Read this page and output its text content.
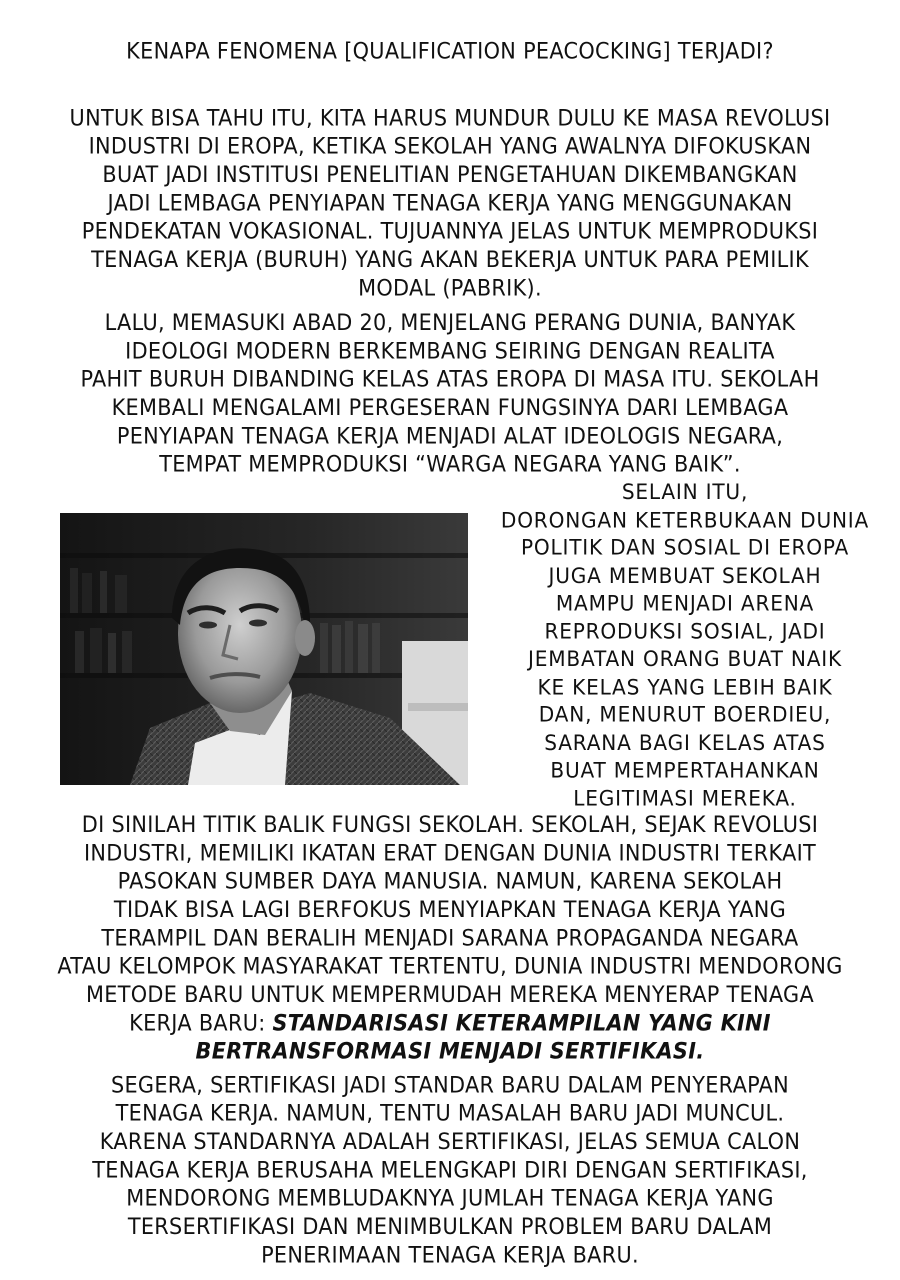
KENAPA FENOMENA [QUALIFICATION PEACOCKING] TERJADI?
UNTUK BISA TAHU ITU, KITA HARUS MUNDUR DULU KE MASA REVOLUSI
INDUSTRI DI EROPA, KETIKA SEKOLAH YANG AWALNYA DIFOKUSKAN
BUAT JADI INSTITUSI PENELITIAN PENGETAHUAN DIKEMBANGKAN
JADI LEMBAGA PENYIAPAN TENAGA KERJA YANG MENGGUNAKAN
PENDEKATAN VOKASIONAL. TUJUANNYA JELAS UNTUK MEMPRODUKSI
TENAGA KERJA (BURUH) YANG AKAN BEKERJA UNTUK PARA PEMILIK
MODAL (PABRIK).
LALU, MEMASUKI ABAD 20, MENJELANG PERANG DUNIA, BANYAK
IDEOLOGI MODERN BERKEMBANG SEIRING DENGAN REALITA
PAHIT BURUH DIBANDING KELAS ATAS EROPA DI MASA ITU. SEKOLAH
KEMBALI MENGALAMI PERGESERAN FUNGSINYA DARI LEMBAGA
PENYIAPAN TENAGA KERJA MENJADI ALAT IDEOLOGIS NEGARA,
TEMPAT MEMPRODUKSI “WARGA NEGARA YANG BAIK”.
SELAIN ITU,
DORONGAN KETERBUKAAN DUNIA
POLITIK DAN SOSIAL DI EROPA
JUGA MEMBUAT SEKOLAH
MAMPU MENJADI ARENA
REPRODUKSI SOSIAL, JADI
JEMBATAN ORANG BUAT NAIK
KE KELAS YANG LEBIH BAIK
DAN, MENURUT BOERDIEU,
SARANA BAGI KELAS ATAS
BUAT MEMPERTAHANKAN
LEGITIMASI MEREKA.
DI SINILAH TITIK BALIK FUNGSI SEKOLAH. SEKOLAH, SEJAK REVOLUSI
INDUSTRI, MEMILIKI IKATAN ERAT DENGAN DUNIA INDUSTRI TERKAIT
PASOKAN SUMBER DAYA MANUSIA. NAMUN, KARENA SEKOLAH
TIDAK BISA LAGI BERFOKUS MENYIAPKAN TENAGA KERJA YANG
TERAMPIL DAN BERALIH MENJADI SARANA PROPAGANDA NEGARA
ATAU KELOMPOK MASYARAKAT TERTENTU, DUNIA INDUSTRI MENDORONG
METODE BARU UNTUK MEMPERMUDAH MEREKA MENYERAP TENAGA
KERJA BARU: STANDARISASI KETERAMPILAN YANG KINI
BERTRANSFORMASI MENJADI SERTIFIKASI.
SEGERA, SERTIFIKASI JADI STANDAR BARU DALAM PENYERAPAN
TENAGA KERJA. NAMUN, TENTU MASALAH BARU JADI MUNCUL.
KARENA STANDARNYA ADALAH SERTIFIKASI, JELAS SEMUA CALON
TENAGA KERJA BERUSAHA MELENGKAPI DIRI DENGAN SERTIFIKASI,
MENDORONG MEMBLUDAKNYA JUMLAH TENAGA KERJA YANG
TERSERTIFIKASI DAN MENIMBULKAN PROBLEM BARU DALAM
PENERIMAAN TENAGA KERJA BARU.
